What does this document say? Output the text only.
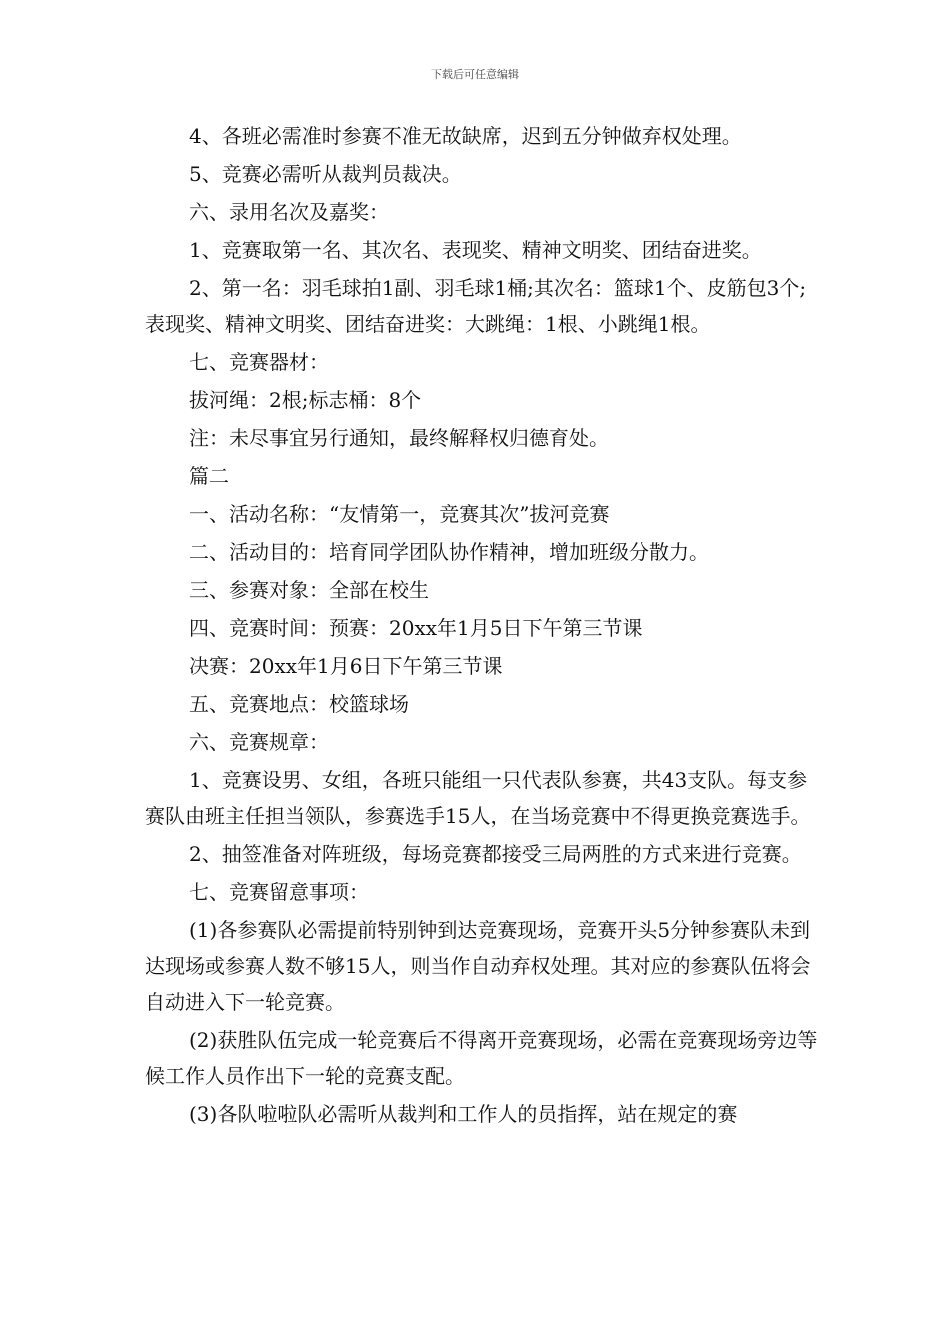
下载后可任意编辑

4、各班必需准时参赛不准无故缺席，迟到五分钟做弃权处理。

5、竞赛必需听从裁判员裁决。

六、录用名次及嘉奖：

1、竞赛取第一名、其次名、表现奖、精神文明奖、团结奋进奖。

2、第一名：羽毛球拍1副、羽毛球1桶;其次名：篮球1个、皮筋包3个;表现奖、精神文明奖、团结奋进奖：大跳绳：1根、小跳绳1根。

七、竞赛器材：

拔河绳：2根;标志桶：8个

注：未尽事宜另行通知，最终解释权归德育处。

篇二

一、活动名称：“友情第一，竞赛其次”拔河竞赛

二、活动目的：培育同学团队协作精神，增加班级分散力。

三、参赛对象：全部在校生

四、竞赛时间：预赛：20xx年1月5日下午第三节课

决赛：20xx年1月6日下午第三节课

五、竞赛地点：校篮球场

六、竞赛规章：

1、竞赛设男、女组，各班只能组一只代表队参赛，共43支队。每支参赛队由班主任担当领队，参赛选手15人，在当场竞赛中不得更换竞赛选手。

2、抽签准备对阵班级，每场竞赛都接受三局两胜的方式来进行竞赛。

七、竞赛留意事项：

(1)各参赛队必需提前特别钟到达竞赛现场，竞赛开头5分钟参赛队未到达现场或参赛人数不够15人，则当作自动弃权处理。其对应的参赛队伍将会自动进入下一轮竞赛。

(2)获胜队伍完成一轮竞赛后不得离开竞赛现场，必需在竞赛现场旁边等候工作人员作出下一轮的竞赛支配。

(3)各队啦啦队必需听从裁判和工作人的员指挥，站在规定的赛
